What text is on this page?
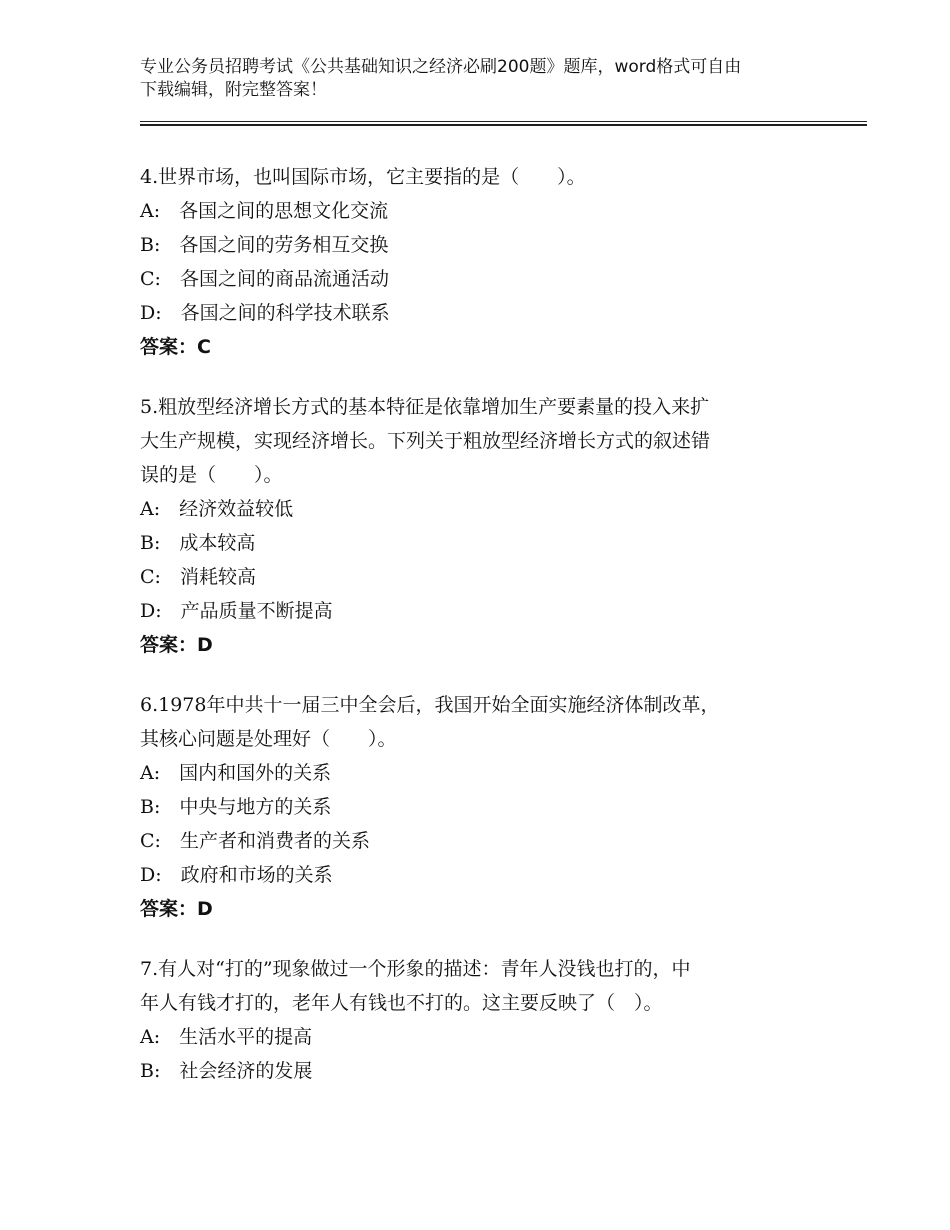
专业公务员招聘考试《公共基础知识之经济必刷200题》题库，word格式可自由
下载编辑，附完整答案！
4.世界市场，也叫国际市场，它主要指的是（　　）。
A:　各国之间的思想文化交流
B:　各国之间的劳务相互交换
C:　各国之间的商品流通活动
D:　各国之间的科学技术联系
答案：C
5.粗放型经济增长方式的基本特征是依靠增加生产要素量的投入来扩
大生产规模，实现经济增长。下列关于粗放型经济增长方式的叙述错
误的是（　　）。
A:　经济效益较低
B:　成本较高
C:　消耗较高
D:　产品质量不断提高
答案：D
6.1978年中共十一届三中全会后，我国开始全面实施经济体制改革，
其核心问题是处理好（　　）。
A:　国内和国外的关系
B:　中央与地方的关系
C:　生产者和消费者的关系
D:　政府和市场的关系
答案：D
7.有人对“打的”现象做过一个形象的描述：青年人没钱也打的，中
年人有钱才打的，老年人有钱也不打的。这主要反映了（　）。
A:　生活水平的提高
B:　社会经济的发展
